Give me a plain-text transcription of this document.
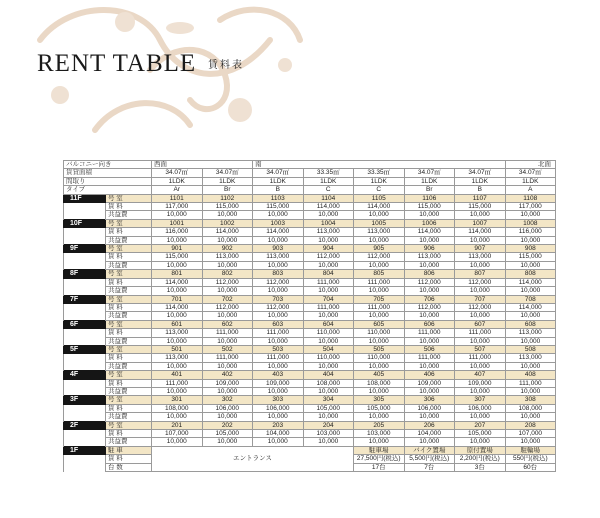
RENT TABLE 賃料表
バルコニー向き		西面		南					北面
賃貸面積		34.07㎡	34.07㎡	34.07㎡	33.35㎡	33.35㎡	34.07㎡	34.07㎡	34.07㎡
間取り		1LDK	1LDK	1LDK	1LDK	1LDK	1LDK	1LDK	1LDK
タイプ		Ar	Br	B	C	C	Br	B	A
11F	号 室	1101	1102	1103	1104	1105	1106	1107	1108
	賃 料	117,000	115,000	115,000	114,000	114,000	115,000	115,000	117,000
	共益費	10,000	10,000	10,000	10,000	10,000	10,000	10,000	10,000
10F	号 室	1001	1002	1003	1004	1005	1006	1007	1008
	賃 料	116,000	114,000	114,000	113,000	113,000	114,000	114,000	116,000
	共益費	10,000	10,000	10,000	10,000	10,000	10,000	10,000	10,000
9F	号 室	901	902	903	904	905	906	907	908
	賃 料	115,000	113,000	113,000	112,000	112,000	113,000	113,000	115,000
	共益費	10,000	10,000	10,000	10,000	10,000	10,000	10,000	10,000
8F	号 室	801	802	803	804	805	806	807	808
	賃 料	114,000	112,000	112,000	111,000	111,000	112,000	112,000	114,000
	共益費	10,000	10,000	10,000	10,000	10,000	10,000	10,000	10,000
7F	号 室	701	702	703	704	705	706	707	708
	賃 料	114,000	112,000	112,000	111,000	111,000	112,000	112,000	114,000
	共益費	10,000	10,000	10,000	10,000	10,000	10,000	10,000	10,000
6F	号 室	601	602	603	604	605	606	607	608
	賃 料	113,000	111,000	111,000	110,000	110,000	111,000	111,000	113,000
	共益費	10,000	10,000	10,000	10,000	10,000	10,000	10,000	10,000
5F	号 室	501	502	503	504	505	506	507	508
	賃 料	113,000	111,000	111,000	110,000	110,000	111,000	111,000	113,000
	共益費	10,000	10,000	10,000	10,000	10,000	10,000	10,000	10,000
4F	号 室	401	402	403	404	405	406	407	408
	賃 料	111,000	109,000	109,000	108,000	108,000	109,000	109,000	111,000
	共益費	10,000	10,000	10,000	10,000	10,000	10,000	10,000	10,000
3F	号 室	301	302	303	304	305	306	307	308
	賃 料	108,000	106,000	106,000	105,000	105,000	106,000	106,000	108,000
	共益費	10,000	10,000	10,000	10,000	10,000	10,000	10,000	10,000
2F	号 室	201	202	203	204	205	206	207	208
	賃 料	107,000	105,000	104,000	103,000	103,000	104,000	105,000	107,000
	共益費	10,000	10,000	10,000	10,000	10,000	10,000	10,000	10,000
1F	駐 車	エントランス				駐車場	バイク置場	原付置場	駐輪場
	賃 料					27,500円(税込)	5,500円(税込)	2,200円(税込)	550円(税込)
	台 数					17台	7台	3台	60台
